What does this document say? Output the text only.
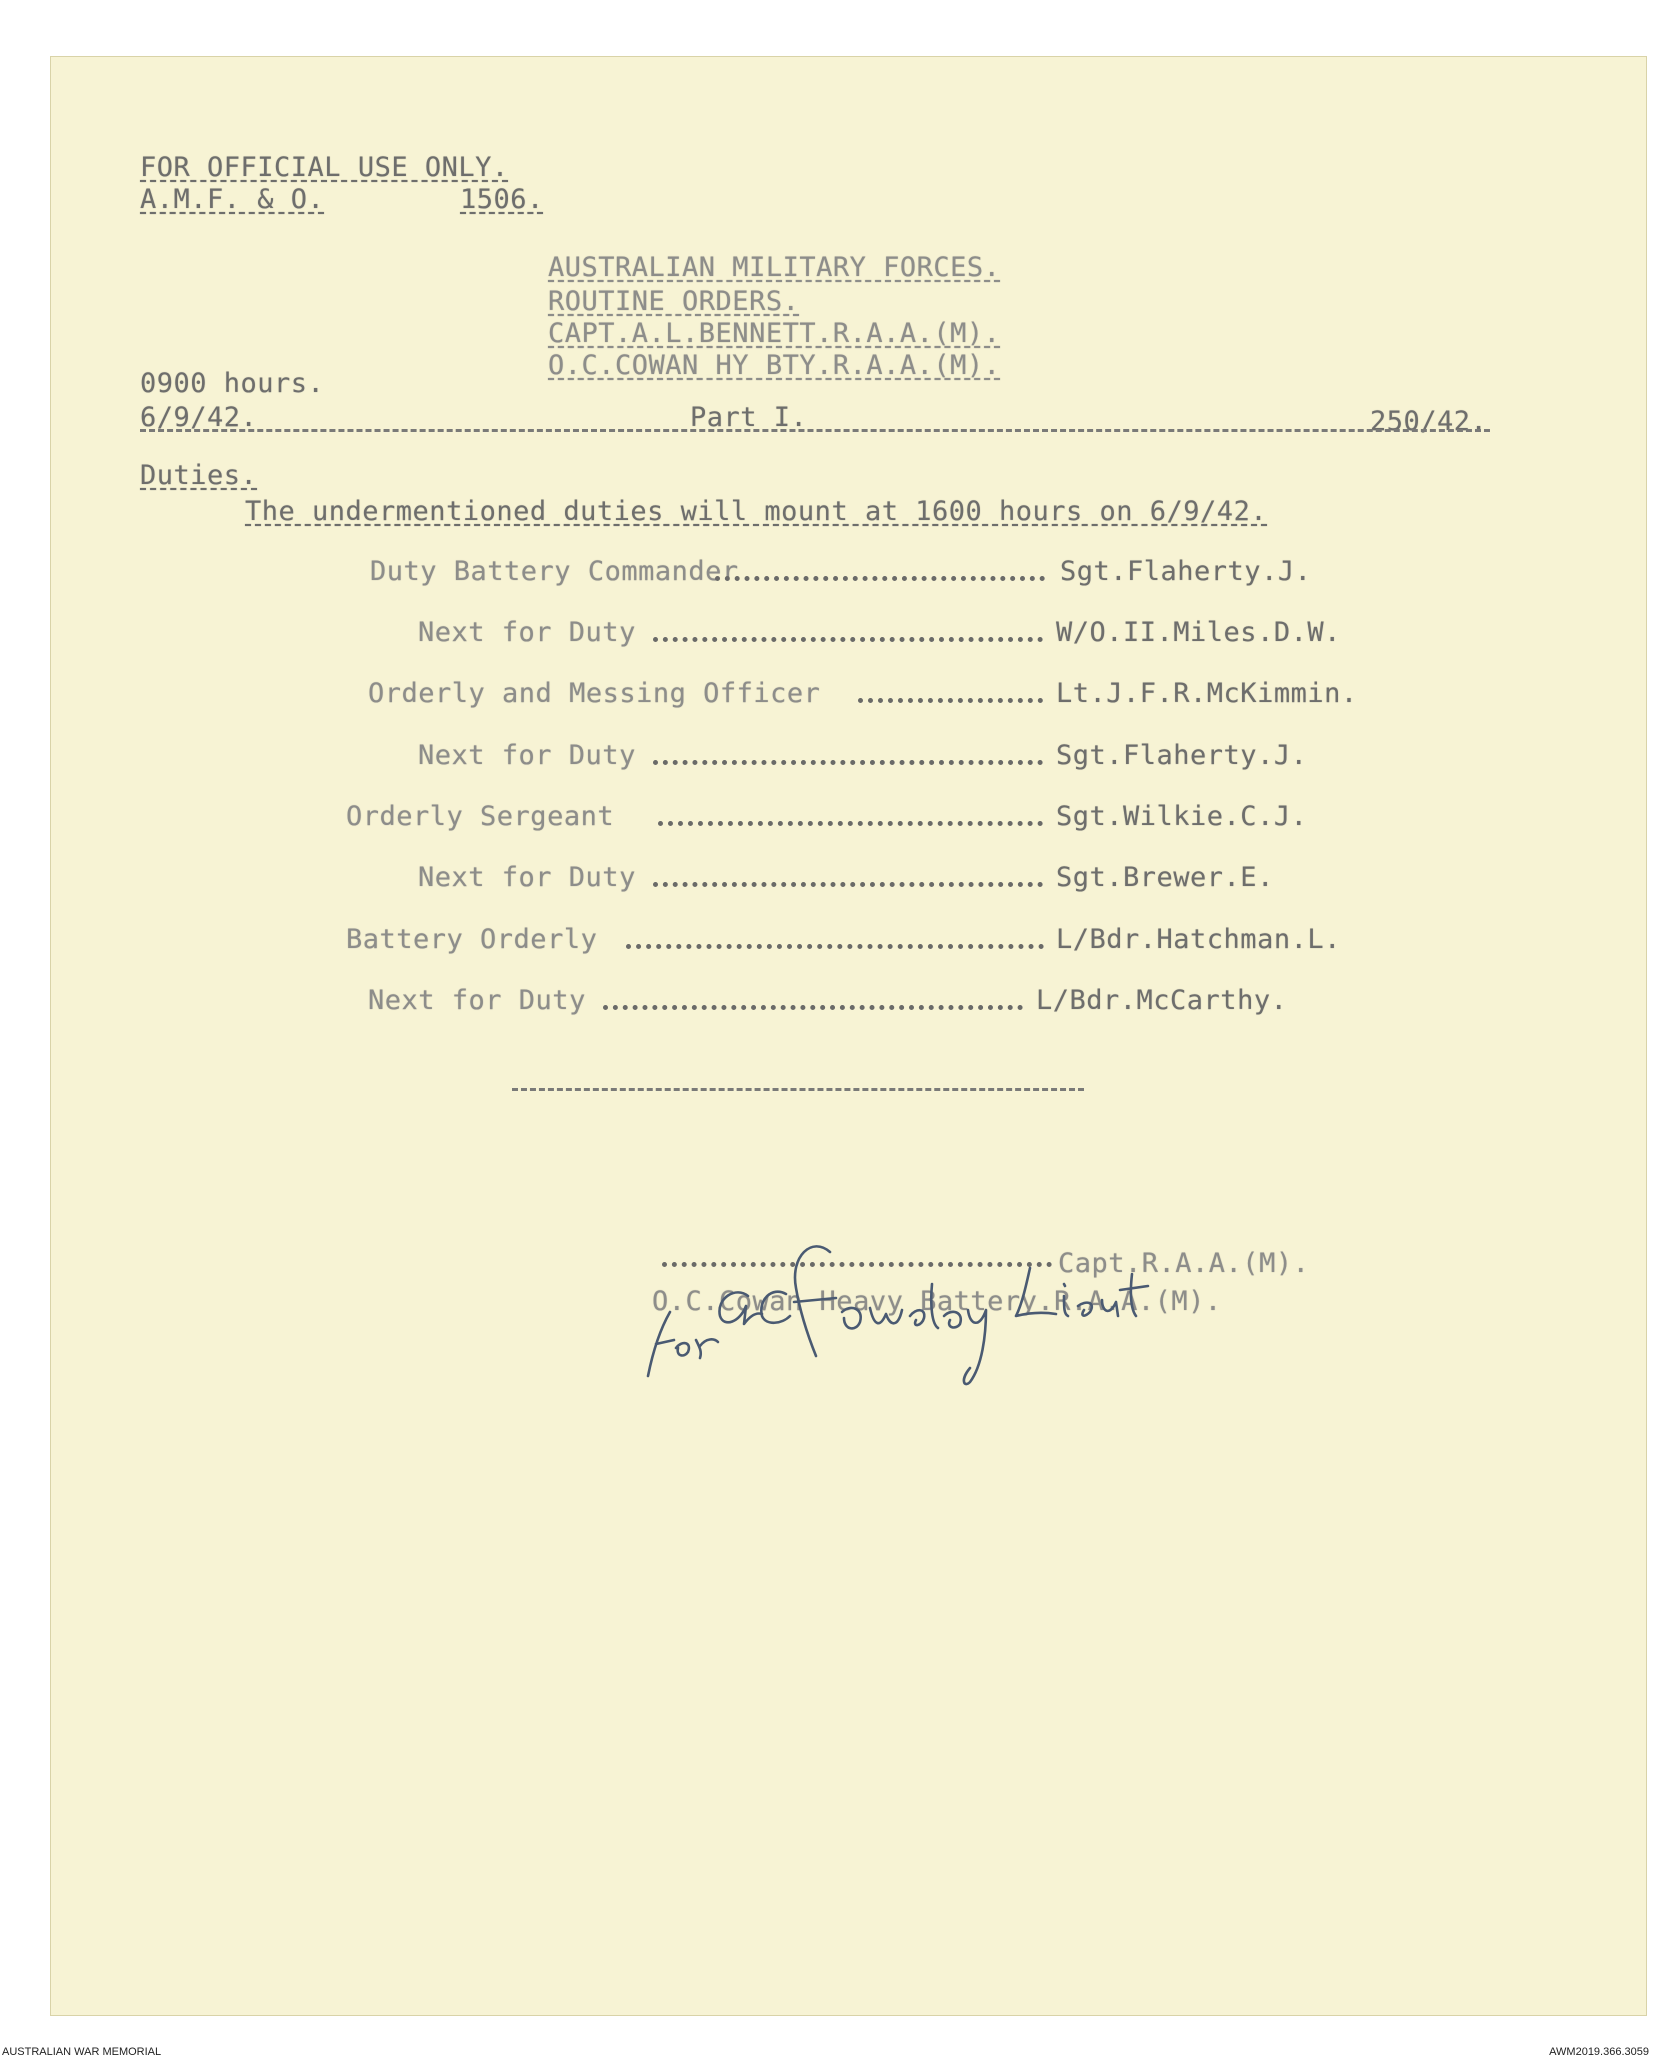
FOR OFFICIAL USE ONLY.
A.M.F. & O.	1506.
AUSTRALIAN MILITARY FORCES.
ROUTINE ORDERS.
CAPT.A.L.BENNETT.R.A.A.(M).
O.C.COWAN HY BTY.R.A.A.(M).
0900 hours.
6/9/42.	Part I.	250/42.
Duties.
The undermentioned duties will mount at 1600 hours on 6/9/42.
Duty Battery Commander	Sgt.Flaherty.J.
Next for Duty	W/O.II.Miles.D.W.
Orderly and Messing Officer	Lt.J.F.R.McKimmin.
Next for Duty	Sgt.Flaherty.J.
Orderly Sergeant	Sgt.Wilkie.C.J.
Next for Duty	Sgt.Brewer.E.
Battery Orderly	L/Bdr.Hatchman.L.
Next for Duty	L/Bdr.McCarthy.
Capt.R.A.A.(M).
O.C.Cowan Heavy Battery.R.A.A.(M).
AUSTRALIAN WAR MEMORIAL	AWM2019.366.3059
